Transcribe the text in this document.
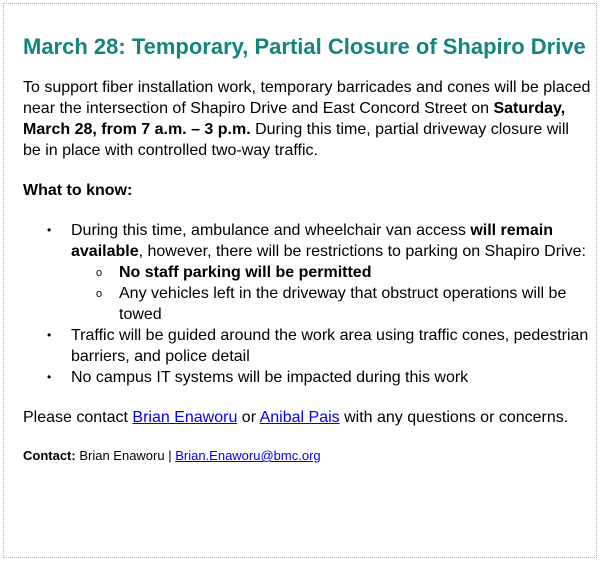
March 28: Temporary, Partial Closure of Shapiro Drive

To support fiber installation work, temporary barricades and cones will be placed near the intersection of Shapiro Drive and East Concord Street on Saturday, March 28, from 7 a.m. – 3 p.m. During this time, partial driveway closure will be in place with controlled two-way traffic.

What to know:

• During this time, ambulance and wheelchair van access will remain available, however, there will be restrictions to parking on Shapiro Drive:
o No staff parking will be permitted
o Any vehicles left in the driveway that obstruct operations will be towed
• Traffic will be guided around the work area using traffic cones, pedestrian barriers, and police detail
• No campus IT systems will be impacted during this work

Please contact Brian Enaworu or Anibal Pais with any questions or concerns.

Contact: Brian Enaworu | Brian.Enaworu@bmc.org
